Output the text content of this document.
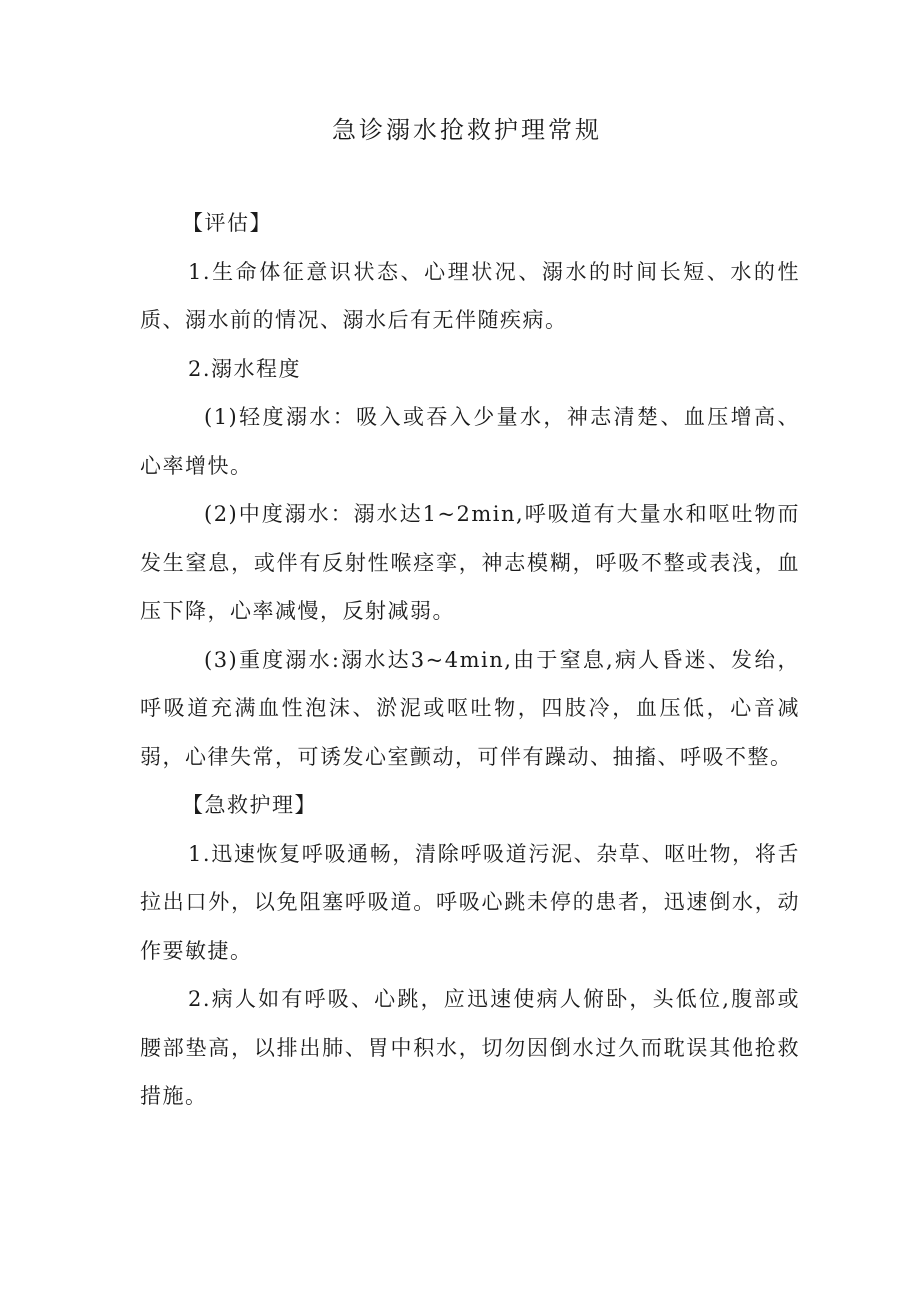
急诊溺水抢救护理常规

【评估】

1.生命体征意识状态、心理状况、溺水的时间长短、水的性质、溺水前的情况、溺水后有无伴随疾病。

2.溺水程度

(1)轻度溺水：吸入或吞入少量水，神志清楚、血压增高、心率增快。

(2)中度溺水：溺水达1~2min,呼吸道有大量水和呕吐物而发生窒息，或伴有反射性喉痉挛，神志模糊，呼吸不整或表浅，血压下降，心率减慢，反射减弱。

(3)重度溺水:溺水达3~4min,由于窒息,病人昏迷、发绐，呼吸道充满血性泡沫、淤泥或呕吐物，四肢冷，血压低，心音减弱，心律失常，可诱发心室颤动，可伴有躁动、抽搐、呼吸不整。

【急救护理】

1.迅速恢复呼吸通畅，清除呼吸道污泥、杂草、呕吐物，将舌拉出口外，以免阻塞呼吸道。呼吸心跳未停的患者，迅速倒水，动作要敏捷。

2.病人如有呼吸、心跳，应迅速使病人俯卧，头低位,腹部或腰部垫高，以排出肺、胃中积水，切勿因倒水过久而耽误其他抢救措施。
